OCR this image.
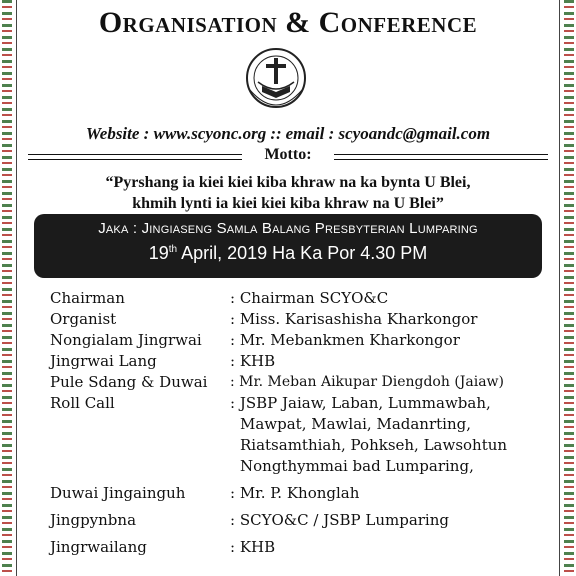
Organisation & Conference
Website : www.scyonc.org :: email : scyoandc@gmail.com
Motto:
“Pyrshang ia kiei kiei kiba khraw na ka bynta U Blei,
khmih lynti ia kiei kiei kiba khraw na U Blei”
Jaka : Jingiaseng Samla Balang Presbyterian Lumparing
19th April, 2019 Ha Ka Por 4.30 PM
Chairman	: Chairman SCYO&C
Organist	: Miss. Karisashisha Kharkongor
Nongialam Jingrwai	: Mr. Mebankmen Kharkongor
Jingrwai Lang	: KHB
Pule Sdang & Duwai	: Mr. Meban Aikupar Diengdoh (Jaiaw)
Roll Call	: JSBP Jaiaw, Laban, Lummawbah,
Mawpat, Mawlai, Madanrting,
Riatsamthiah, Pohkseh, Lawsohtun
Nongthymmai bad Lumparing,
Duwai Jingainguh	: Mr. P. Khonglah
Jingpynbna	: SCYO&C / JSBP Lumparing
Jingrwailang	: KHB
